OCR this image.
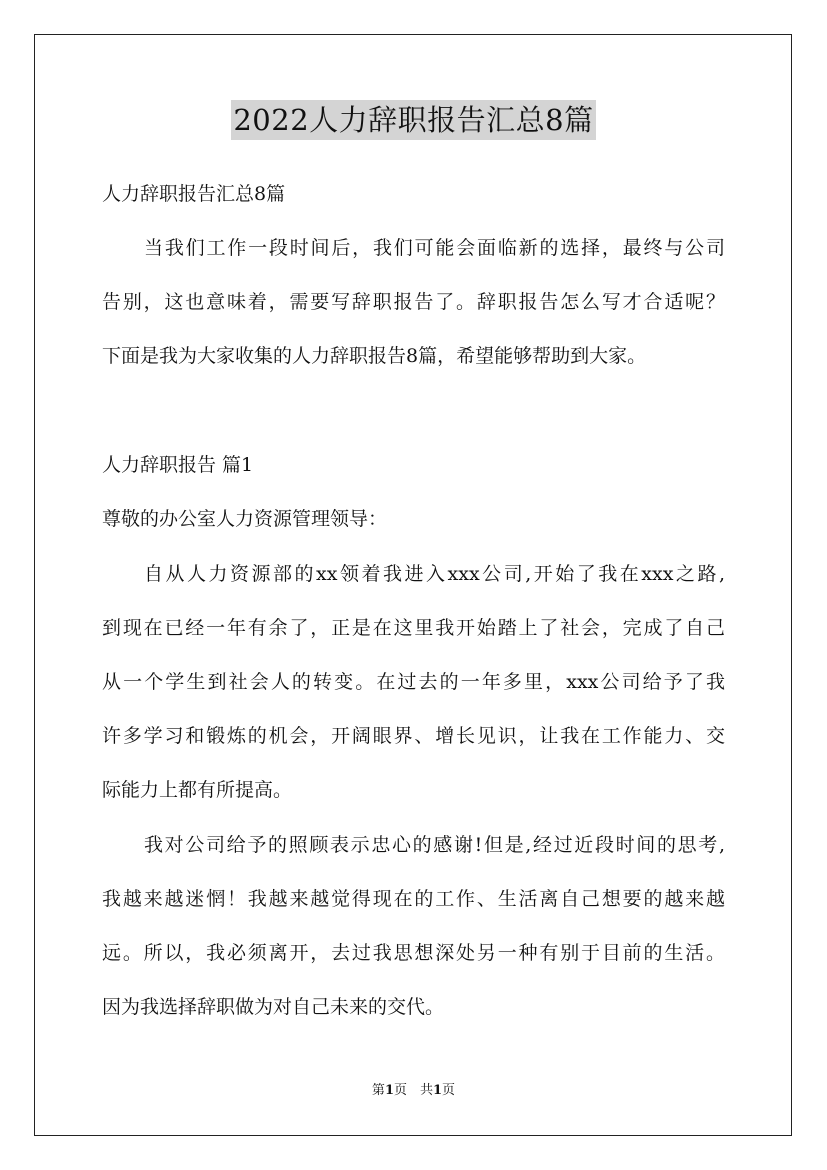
2022人力辞职报告汇总8篇
人力辞职报告汇总8篇
当我们工作一段时间后，我们可能会面临新的选择，最终与公司
告别，这也意味着，需要写辞职报告了。辞职报告怎么写才合适呢？
下面是我为大家收集的人力辞职报告8篇，希望能够帮助到大家。
人力辞职报告 篇1
尊敬的办公室人力资源管理领导：
自从人力资源部的xx领着我进入xxx公司,开始了我在xxx之路,
到现在已经一年有余了，正是在这里我开始踏上了社会，完成了自己
从一个学生到社会人的转变。在过去的一年多里，xxx公司给予了我
许多学习和锻炼的机会，开阔眼界、增长见识，让我在工作能力、交
际能力上都有所提高。
我对公司给予的照顾表示忠心的感谢!但是,经过近段时间的思考,
我越来越迷惘！我越来越觉得现在的工作、生活离自己想要的越来越
远。所以，我必须离开，去过我思想深处另一种有别于目前的生活。
因为我选择辞职做为对自己未来的交代。
第1页　共1页
